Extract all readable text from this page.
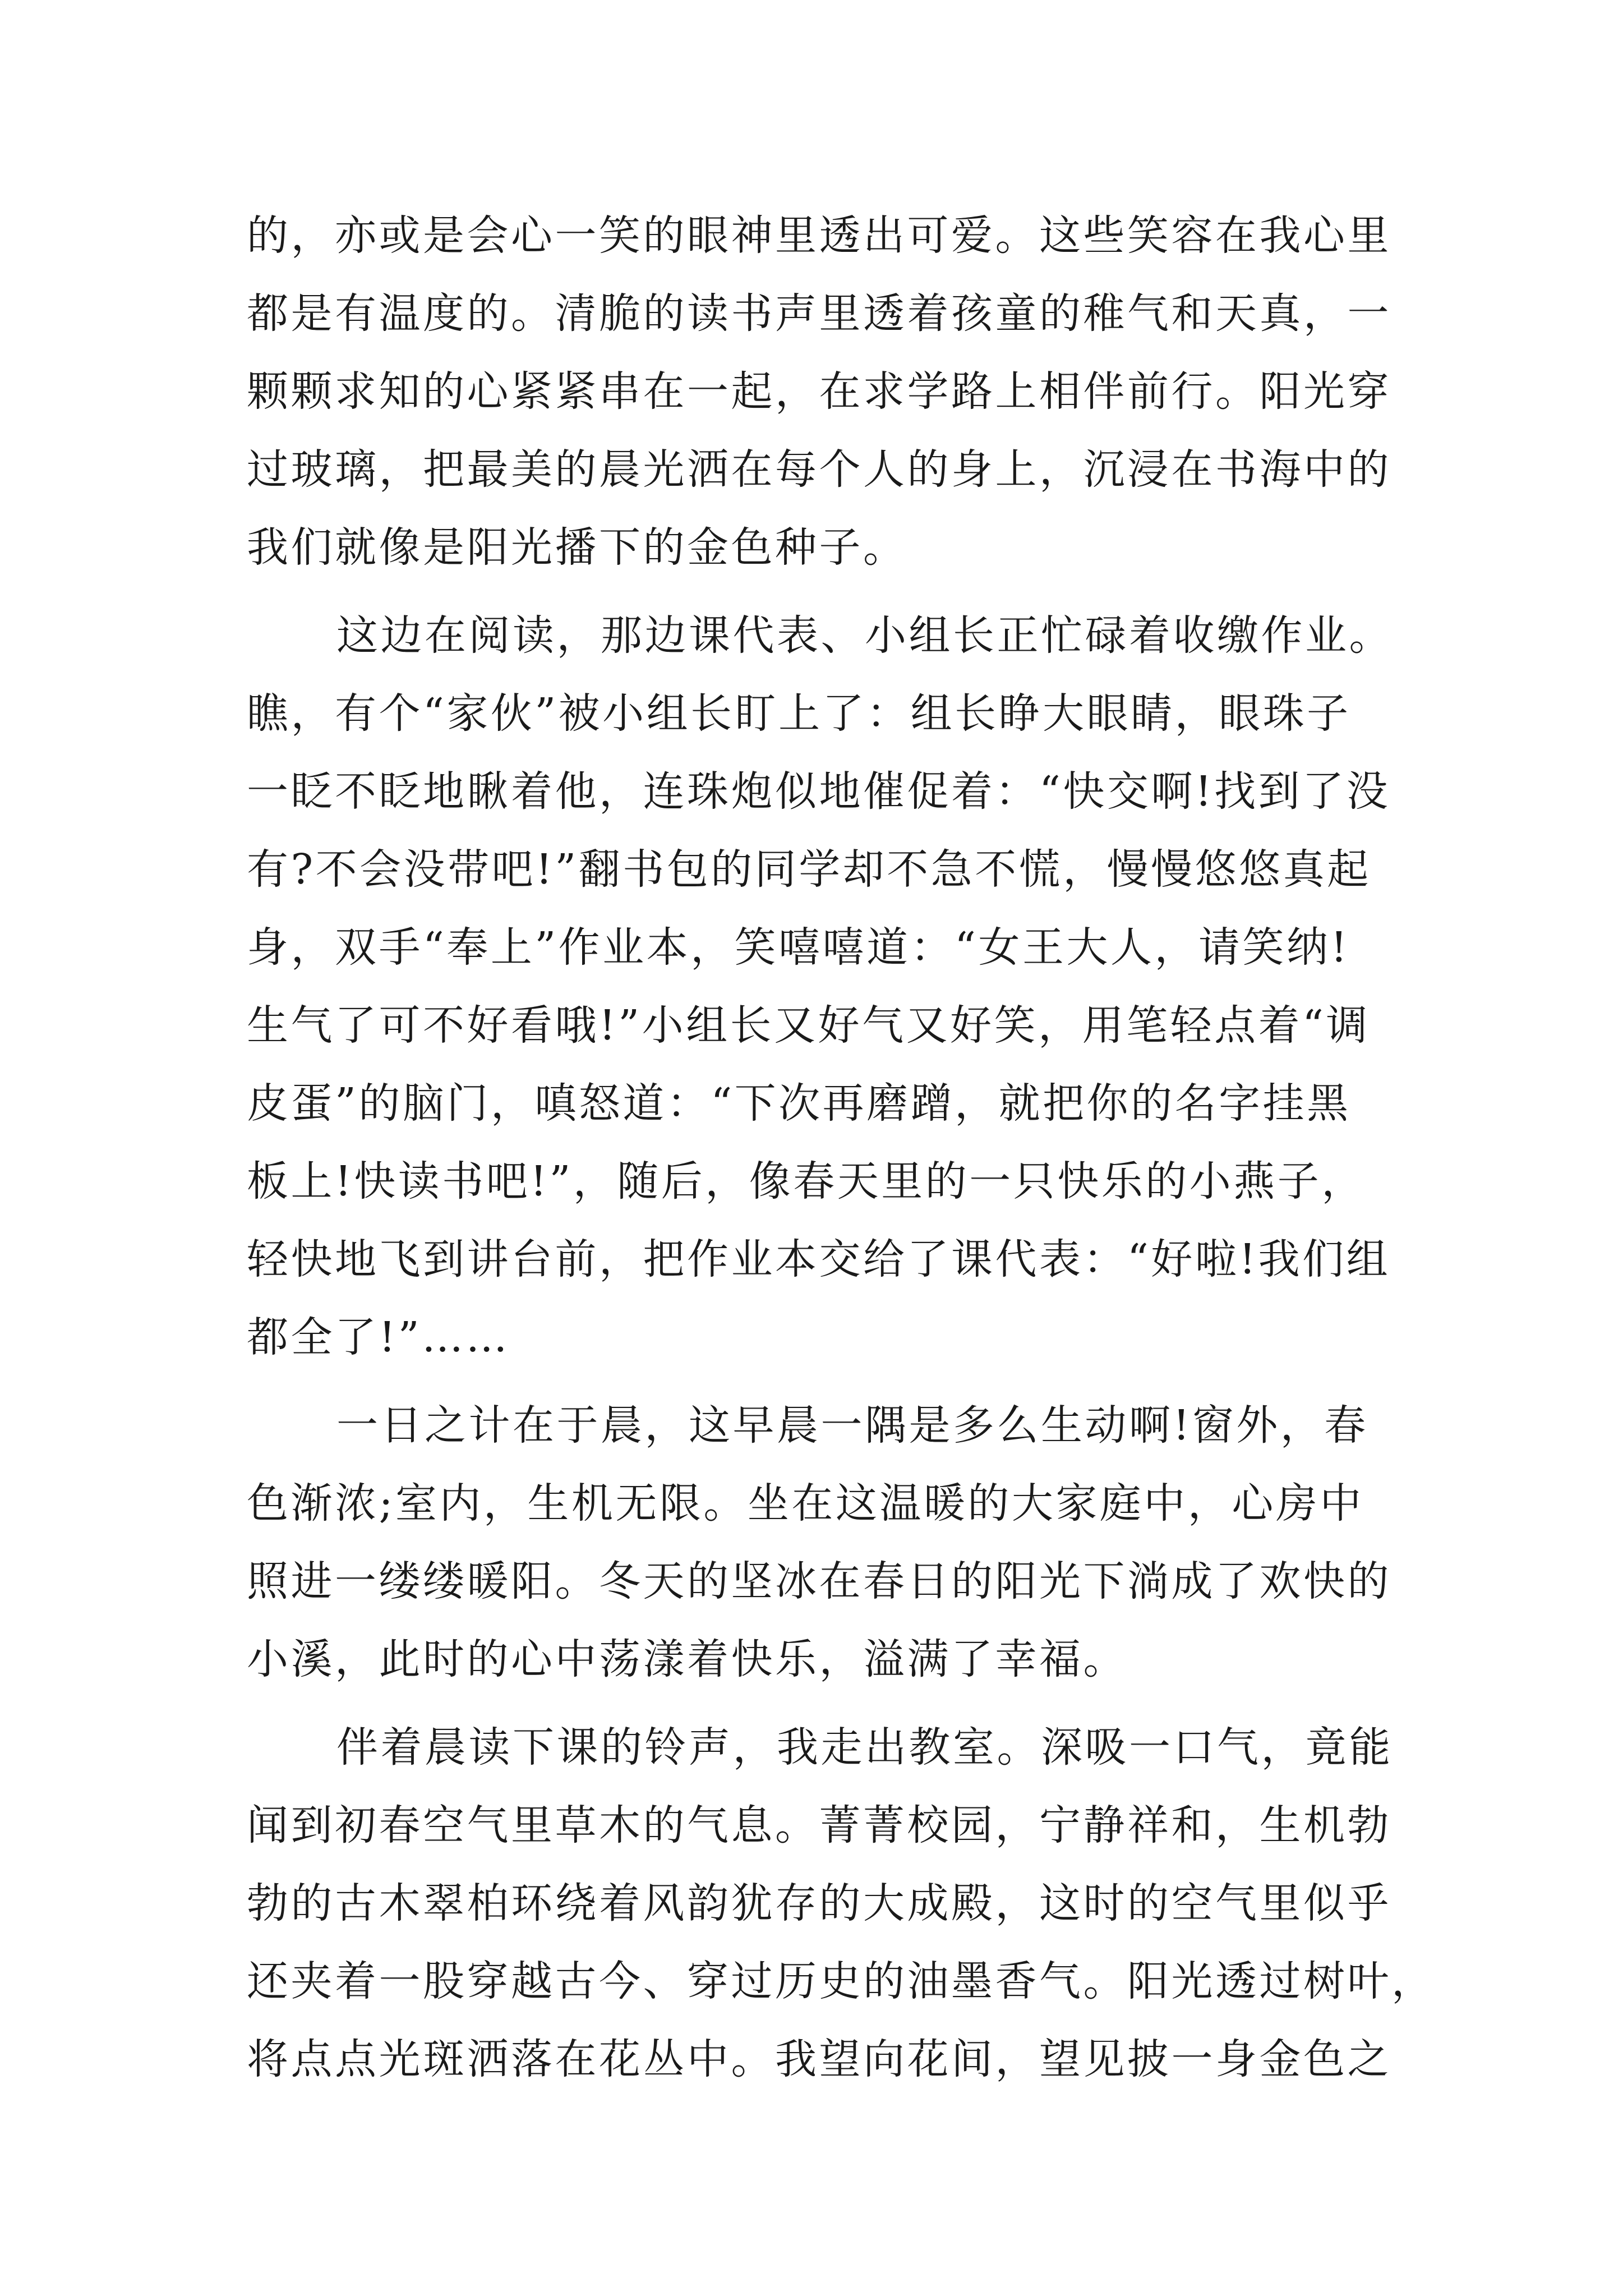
的，亦或是会心一笑的眼神里透出可爱。这些笑容在我心里
都是有温度的。清脆的读书声里透着孩童的稚气和天真，一
颗颗求知的心紧紧串在一起，在求学路上相伴前行。阳光穿
过玻璃，把最美的晨光洒在每个人的身上，沉浸在书海中的
我们就像是阳光播下的金色种子。
这边在阅读，那边课代表、小组长正忙碌着收缴作业。
瞧，有个“家伙”被小组长盯上了：组长睁大眼睛，眼珠子
一眨不眨地瞅着他，连珠炮似地催促着：“快交啊!找到了没
有?不会没带吧!”翻书包的同学却不急不慌，慢慢悠悠真起
身，双手“奉上”作业本，笑嘻嘻道：“女王大人，请笑纳!
生气了可不好看哦!”小组长又好气又好笑，用笔轻点着“调
皮蛋”的脑门，嗔怒道：“下次再磨蹭，就把你的名字挂黑
板上!快读书吧!”，随后，像春天里的一只快乐的小燕子，
轻快地飞到讲台前，把作业本交给了课代表：“好啦!我们组
都全了!”……
一日之计在于晨，这早晨一隅是多么生动啊!窗外，春
色渐浓;室内，生机无限。坐在这温暖的大家庭中，心房中
照进一缕缕暖阳。冬天的坚冰在春日的阳光下淌成了欢快的
小溪，此时的心中荡漾着快乐，溢满了幸福。
伴着晨读下课的铃声，我走出教室。深吸一口气，竟能
闻到初春空气里草木的气息。菁菁校园，宁静祥和，生机勃
勃的古木翠柏环绕着风韵犹存的大成殿，这时的空气里似乎
还夹着一股穿越古今、穿过历史的油墨香气。阳光透过树叶，
将点点光斑洒落在花丛中。我望向花间，望见披一身金色之
